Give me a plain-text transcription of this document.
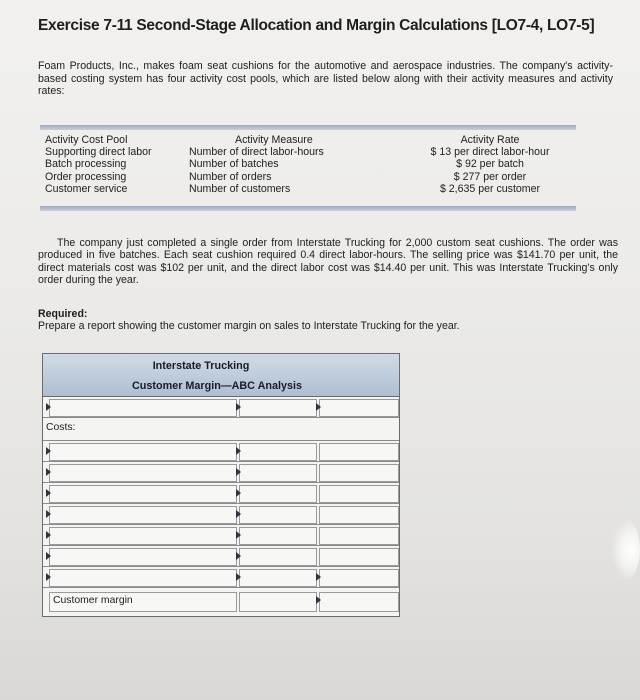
Exercise 7-11 Second-Stage Allocation and Margin Calculations [LO7-4, LO7-5]
Foam Products, Inc., makes foam seat cushions for the automotive and aerospace industries. The company's activity-based costing system has four activity cost pools, which are listed below along with their activity measures and activity rates:
Activity Cost Pool
Supporting direct labor
Batch processing
Order processing
Customer service
Activity Measure
Number of direct labor-hours
Number of batches
Number of orders
Number of customers
Activity Rate
$ 13 per direct labor-hour
$ 92 per batch
$ 277 per order
$ 2,635 per customer
The company just completed a single order from Interstate Trucking for 2,000 custom seat cushions. The order was produced in five batches. Each seat cushion required 0.4 direct labor-hours. The selling price was $141.70 per unit, the direct materials cost was $102 per unit, and the direct labor cost was $14.40 per unit. This was Interstate Trucking's only order during the year.
Required:
Prepare a report showing the customer margin on sales to Interstate Trucking for the year.
Interstate Trucking
Customer Margin—ABC Analysis
Costs:
Customer margin
